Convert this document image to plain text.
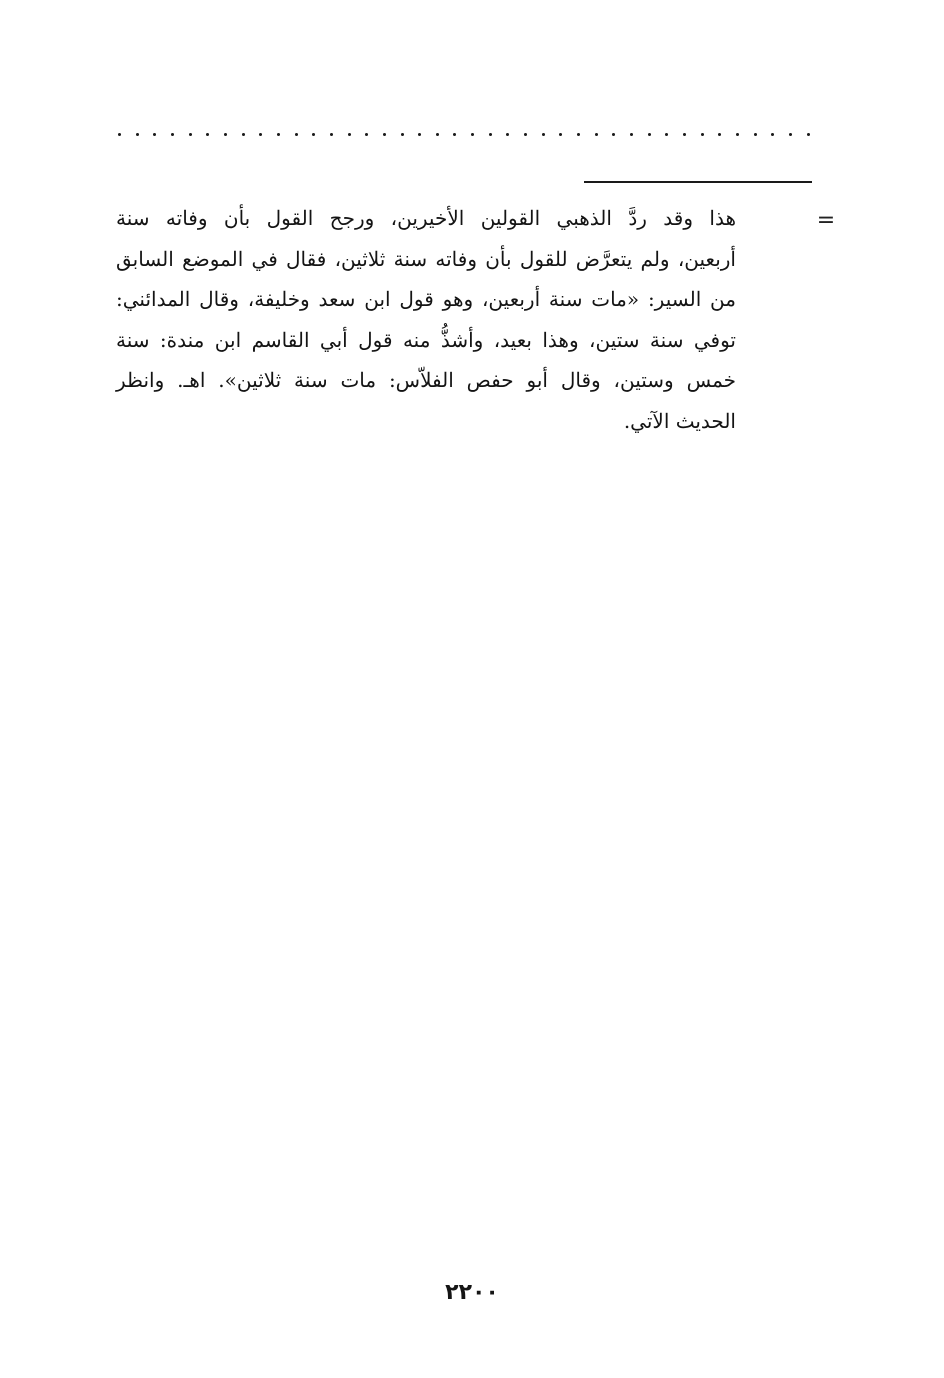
=
هذا وقد ردَّ الذهبي القولين الأخيرين، ورجح القول بأن وفاته سنة
أربعين، ولم يتعرَّض للقول بأن وفاته سنة ثلاثين، فقال في الموضع السابق
من السير: «مات سنة أربعين، وهو قول ابن سعد وخليفة، وقال المدائني:
توفي سنة ستين، وهذا بعيد، وأشذُّ منه قول أبي القاسم ابن مندة: سنة
خمس وستين، وقال أبو حفص الفلاّس: مات سنة ثلاثين». اهـ. وانظر
الحديث الآتي.
٢٢٠٠
